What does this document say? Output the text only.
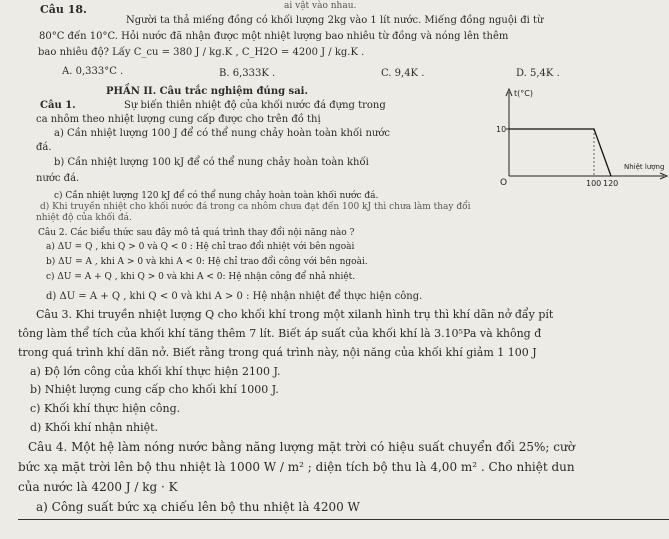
ai vật vào nhau.
Câu 18.
Người ta thả miếng đồng có khối lượng 2kg vào 1 lít nước. Miếng đồng nguội đi từ
80°C đến 10°C. Hỏi nước đã nhận được một nhiệt lượng bao nhiêu từ đồng và nóng lên thêm
bao nhiêu độ? Lấy C_cu = 380 J / kg.K , C_H2O = 4200 J / kg.K .
A. 0,333°C .	B. 6,333K .	C. 9,4K .	D. 5,4K .
PHẦN II. Câu trắc nghiệm đúng sai.
Câu 1.	Sự biến thiên nhiệt độ của khối nước đá đựng trong
ca nhôm theo nhiệt lượng cung cấp được cho trên đồ thị
a) Cần nhiệt lượng 100 J để có thể nung chảy hoàn toàn khối nước
đá.
b) Cần nhiệt lượng 100 kJ để có thể nung chảy hoàn toàn khối
nước đá.
c) Cần nhiệt lượng 120 kJ để có thể nung chảy hoàn toàn khối nước đá.
d) Khi truyền nhiệt cho khối nước đá trong ca nhôm chưa đạt đến 100 kJ thì chưa làm thay đổi
nhiệt độ của khối đá.
O
t(°C)
Nhiệt lượng
10
100 120
Câu 2. Các biểu thức sau đây mô tả quá trình thay đổi nội năng nào ?
a) ΔU = Q , khi Q > 0 và Q < 0 : Hệ chỉ trao đổi nhiệt với bên ngoài
b) ΔU = A , khi A > 0 và khi A < 0: Hệ chỉ trao đổi công với bên ngoài.
c) ΔU = A + Q , khi Q > 0 và khi A < 0: Hệ nhận công để nhả nhiệt.
d) ΔU = A + Q , khi Q < 0 và khi A > 0 : Hệ nhận nhiệt để thực hiện công.
Câu 3. Khi truyền nhiệt lượng Q cho khối khí trong một xilanh hình trụ thì khí dãn nở đẩy pít
tông làm thể tích của khối khí tăng thêm 7 lít. Biết áp suất của khối khí là 3.10⁵Pa và không đ
trong quá trình khí dãn nở. Biết rằng trong quá trình này, nội năng của khối khí giảm 1 100 J
a) Độ lớn công của khối khí thực hiện 2100 J.
b) Nhiệt lượng cung cấp cho khối khí 1000 J.
c) Khối khí thực hiện công.
d) Khối khí nhận nhiệt.
Câu 4. Một hệ làm nóng nước bằng năng lượng mặt trời có hiệu suất chuyển đổi 25%; cườ
bức xạ mặt trời lên bộ thu nhiệt là 1000 W / m² ; diện tích bộ thu là 4,00 m² . Cho nhiệt dun
của nước là 4200 J / kg · K
a) Công suất bức xạ chiếu lên bộ thu nhiệt là 4200 W
